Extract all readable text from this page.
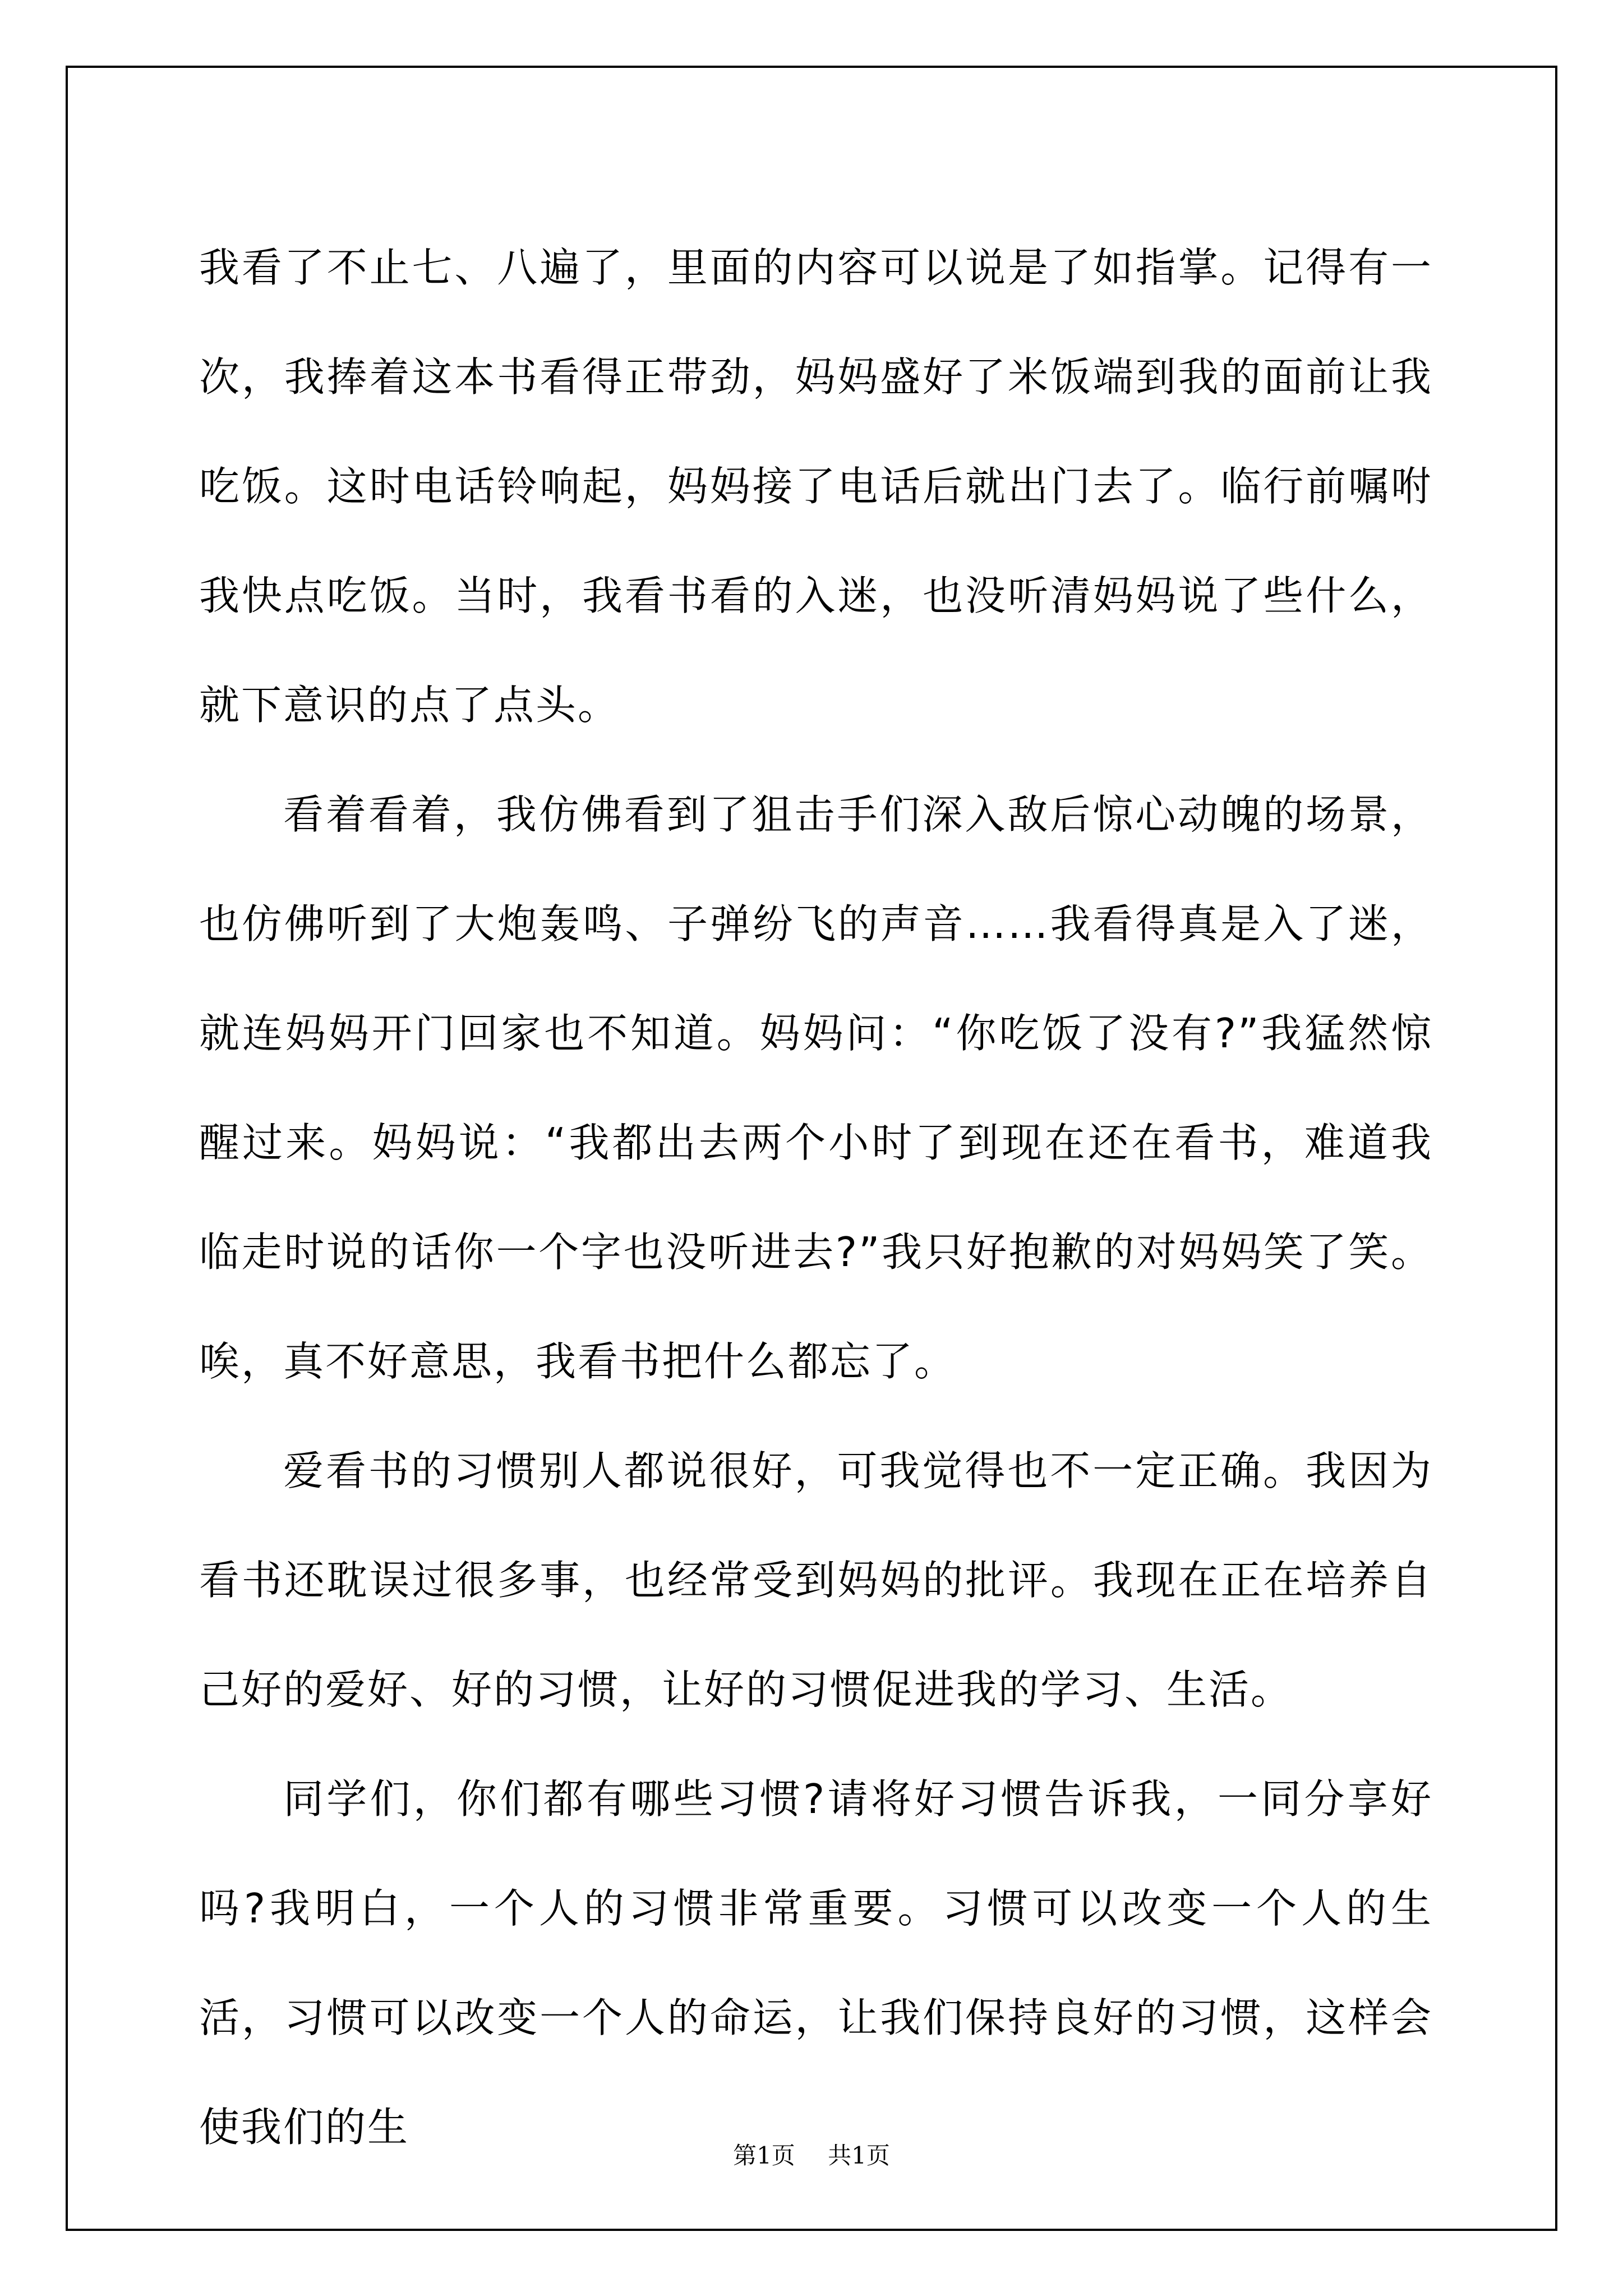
我看了不止七、八遍了，里面的内容可以说是了如指掌。记得有一次，我捧着这本书看得正带劲，妈妈盛好了米饭端到我的面前让我吃饭。这时电话铃响起，妈妈接了电话后就出门去了。临行前嘱咐我快点吃饭。当时，我看书看的入迷，也没听清妈妈说了些什么，就下意识的点了点头。

看着看着，我仿佛看到了狙击手们深入敌后惊心动魄的场景，也仿佛听到了大炮轰鸣、子弹纷飞的声音……我看得真是入了迷，就连妈妈开门回家也不知道。妈妈问：“你吃饭了没有?”我猛然惊醒过来。妈妈说：“我都出去两个小时了到现在还在看书，难道我临走时说的话你一个字也没听进去?”我只好抱歉的对妈妈笑了笑。唉，真不好意思，我看书把什么都忘了。

爱看书的习惯别人都说很好，可我觉得也不一定正确。我因为看书还耽误过很多事，也经常受到妈妈的批评。我现在正在培养自己好的爱好、好的习惯，让好的习惯促进我的学习、生活。

同学们，你们都有哪些习惯?请将好习惯告诉我，一同分享好吗?我明白，一个人的习惯非常重要。习惯可以改变一个人的生活，习惯可以改变一个人的命运，让我们保持良好的习惯，这样会使我们的生

第1页 共1页
